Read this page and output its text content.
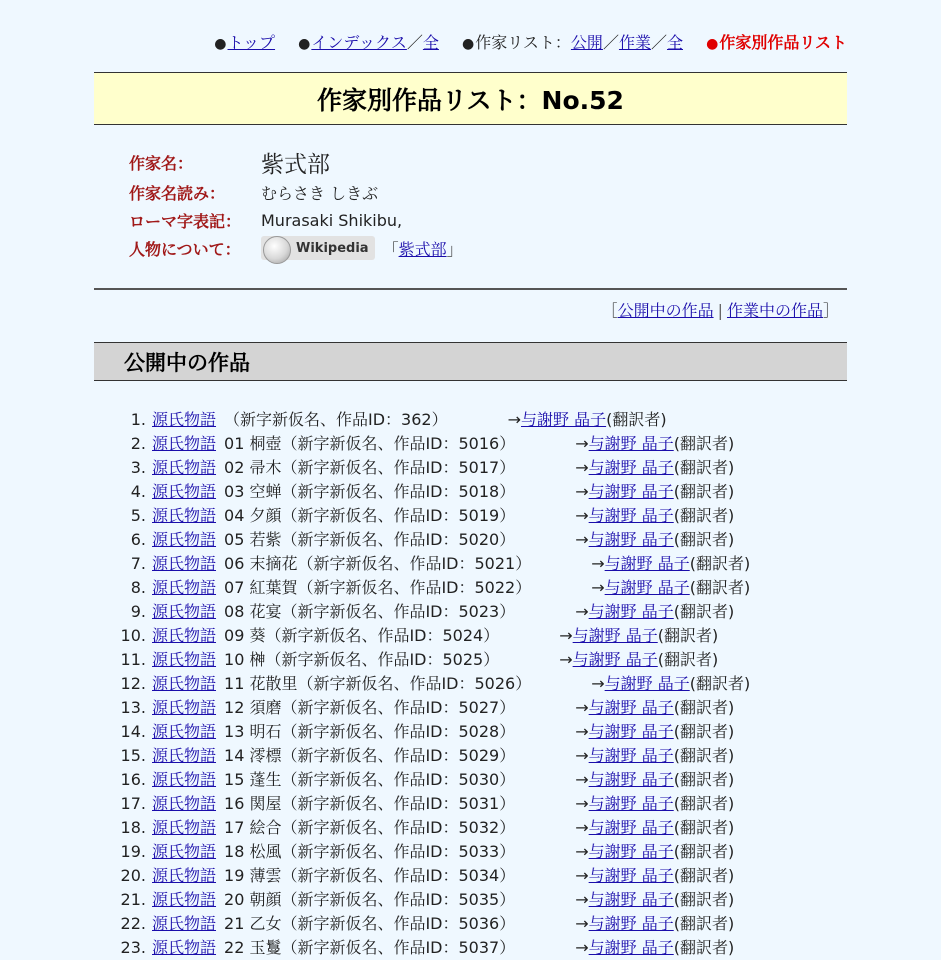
●トップ ●インデックス／全 ●作家リスト：公開／作業／全 ●作家別作品リスト
作家別作品リスト：No.52
作家名：	紫式部
作家名読み：	むらさき しきぶ
ローマ字表記：	Murasaki Shikibu,
人物について：	Wikipedia 「 紫式部 」
［公開中の作品 | 作業中の作品］
公開中の作品
1. 源氏物語 （新字新仮名、作品ID：362）	→ 与謝野 晶子 (翻訳者)
2. 源氏物語 01 桐壺（新字新仮名、作品ID：5016）	→ 与謝野 晶子 (翻訳者)
3. 源氏物語 02 帚木（新字新仮名、作品ID：5017）	→ 与謝野 晶子 (翻訳者)
4. 源氏物語 03 空蝉（新字新仮名、作品ID：5018）	→ 与謝野 晶子 (翻訳者)
5. 源氏物語 04 夕顔（新字新仮名、作品ID：5019）	→ 与謝野 晶子 (翻訳者)
6. 源氏物語 05 若紫（新字新仮名、作品ID：5020）	→ 与謝野 晶子 (翻訳者)
7. 源氏物語 06 末摘花（新字新仮名、作品ID：5021）	→ 与謝野 晶子 (翻訳者)
8. 源氏物語 07 紅葉賀（新字新仮名、作品ID：5022）	→ 与謝野 晶子 (翻訳者)
9. 源氏物語 08 花宴（新字新仮名、作品ID：5023）	→ 与謝野 晶子 (翻訳者)
10. 源氏物語 09 葵（新字新仮名、作品ID：5024）	→ 与謝野 晶子 (翻訳者)
11. 源氏物語 10 榊（新字新仮名、作品ID：5025）	→ 与謝野 晶子 (翻訳者)
12. 源氏物語 11 花散里（新字新仮名、作品ID：5026）	→ 与謝野 晶子 (翻訳者)
13. 源氏物語 12 須磨（新字新仮名、作品ID：5027）	→ 与謝野 晶子 (翻訳者)
14. 源氏物語 13 明石（新字新仮名、作品ID：5028）	→ 与謝野 晶子 (翻訳者)
15. 源氏物語 14 澪標（新字新仮名、作品ID：5029）	→ 与謝野 晶子 (翻訳者)
16. 源氏物語 15 蓬生（新字新仮名、作品ID：5030）	→ 与謝野 晶子 (翻訳者)
17. 源氏物語 16 関屋（新字新仮名、作品ID：5031）	→ 与謝野 晶子 (翻訳者)
18. 源氏物語 17 絵合（新字新仮名、作品ID：5032）	→ 与謝野 晶子 (翻訳者)
19. 源氏物語 18 松風（新字新仮名、作品ID：5033）	→ 与謝野 晶子 (翻訳者)
20. 源氏物語 19 薄雲（新字新仮名、作品ID：5034）	→ 与謝野 晶子 (翻訳者)
21. 源氏物語 20 朝顔（新字新仮名、作品ID：5035）	→ 与謝野 晶子 (翻訳者)
22. 源氏物語 21 乙女（新字新仮名、作品ID：5036）	→ 与謝野 晶子 (翻訳者)
23. 源氏物語 22 玉鬘（新字新仮名、作品ID：5037）	→ 与謝野 晶子 (翻訳者)
